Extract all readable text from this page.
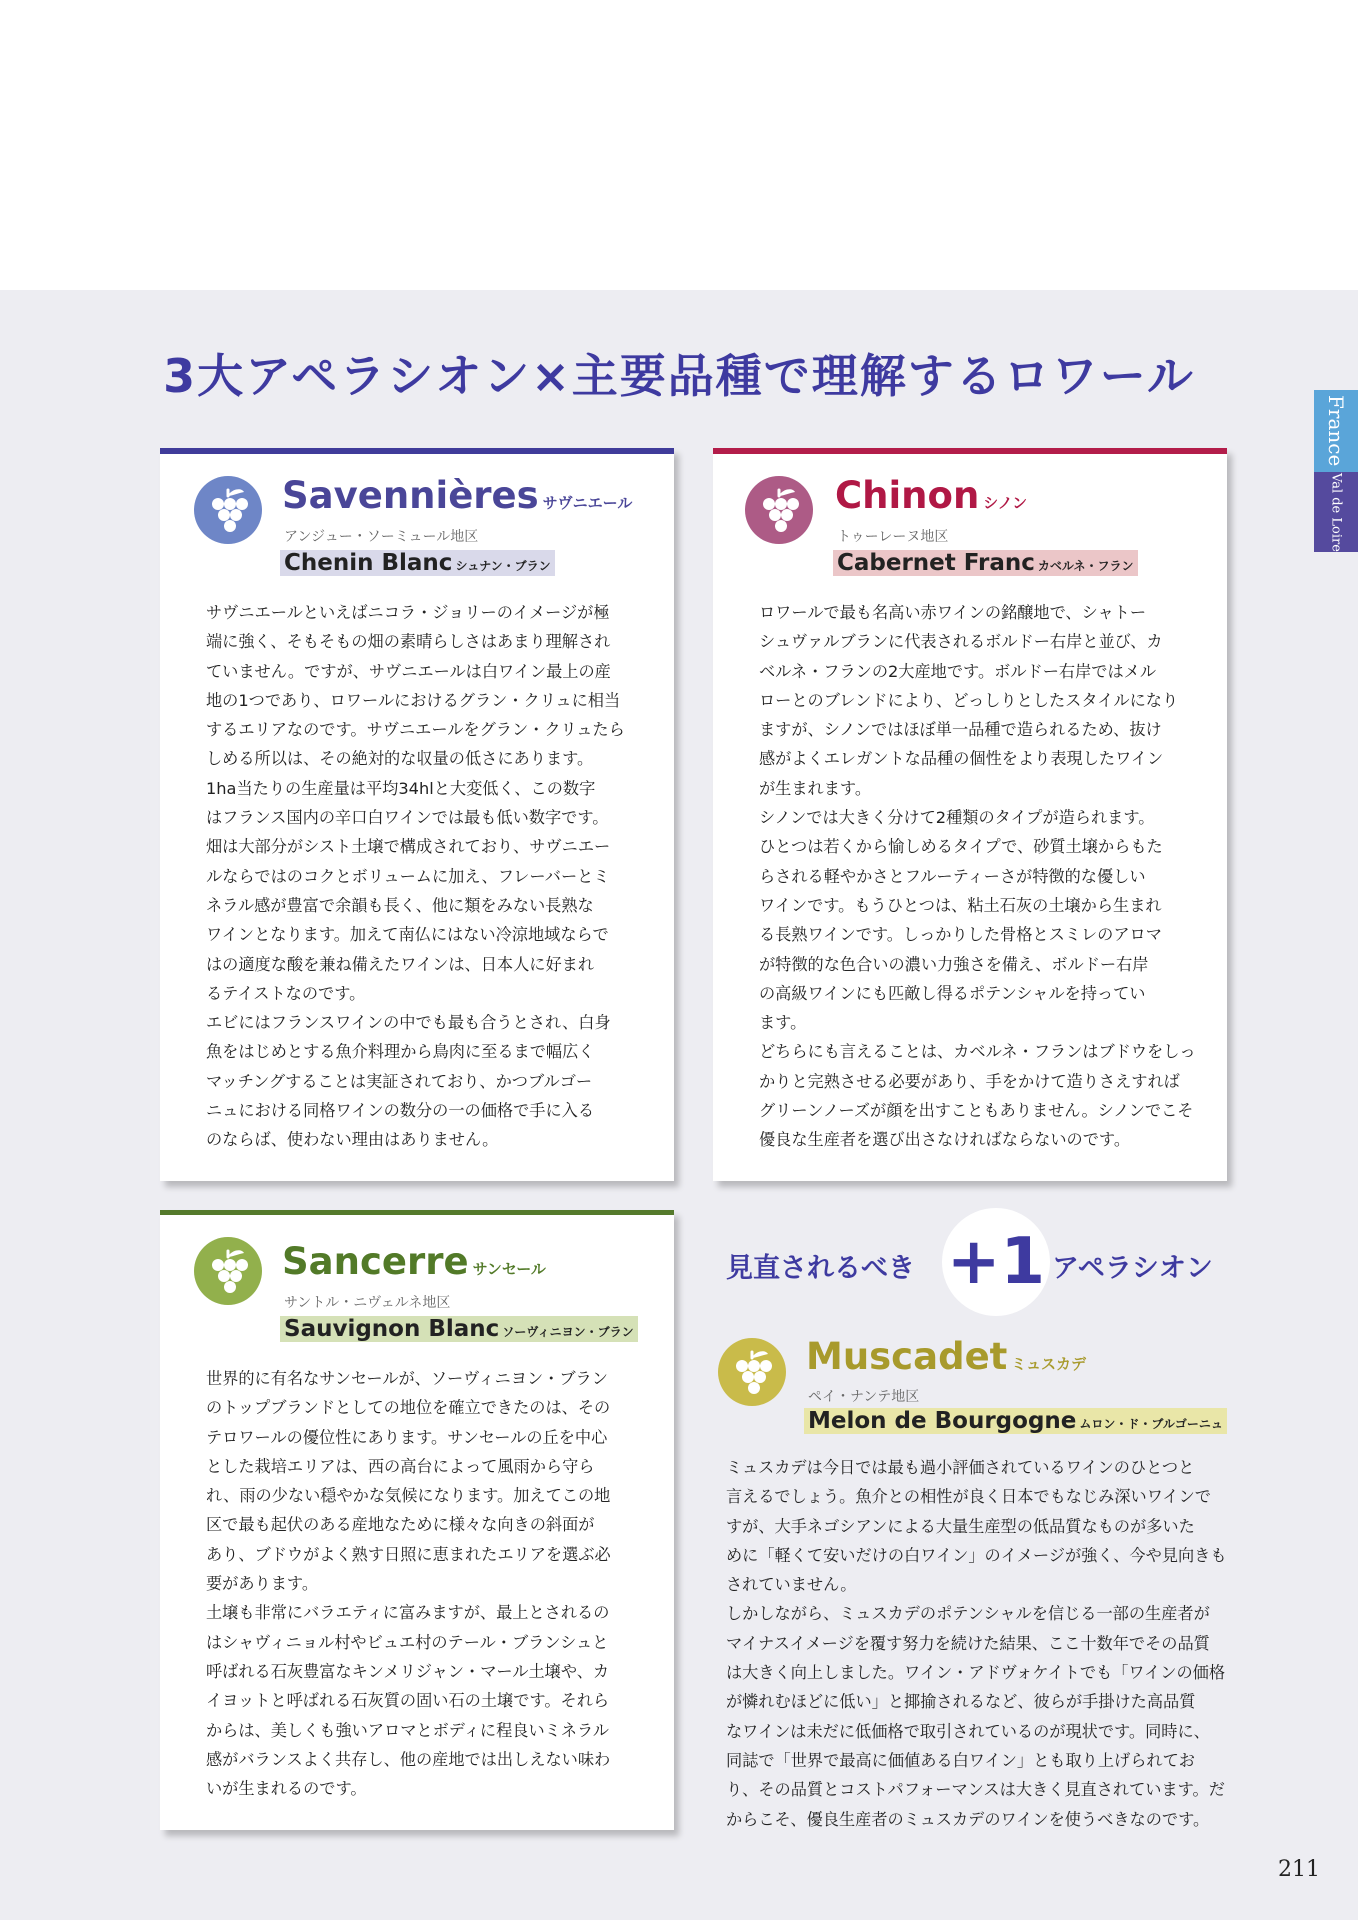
3大アペラシオン×主要品種で理解するロワール
France
Val de Loire
Savennières サヴニエール
アンジュー・ソーミュール地区
Chenin Blanc シュナン・ブラン

サヴニエールといえばニコラ・ジョリーのイメージが極
端に強く、そもそもの畑の素晴らしさはあまり理解され
ていません。ですが、サヴニエールは白ワイン最上の産
地の1つであり、ロワールにおけるグラン・クリュに相当
するエリアなのです。サヴニエールをグラン・クリュたら
しめる所以は、その絶対的な収量の低さにあります。
1ha当たりの生産量は平均34hlと大変低く、この数字
はフランス国内の辛口白ワインでは最も低い数字です。
畑は大部分がシスト土壌で構成されており、サヴニエー
ルならではのコクとボリュームに加え、フレーバーとミ
ネラル感が豊富で余韻も長く、他に類をみない長熟な
ワインとなります。加えて南仏にはない冷涼地域ならで
はの適度な酸を兼ね備えたワインは、日本人に好まれ
るテイストなのです。

エビにはフランスワインの中でも最も合うとされ、白身
魚をはじめとする魚介料理から鳥肉に至るまで幅広く
マッチングすることは実証されており、かつブルゴー
ニュにおける同格ワインの数分の一の価格で手に入る
のならば、使わない理由はありません。

Chinon シノン
トゥーレーヌ地区
Cabernet Franc カベルネ・フラン

ロワールで最も名高い赤ワインの銘醸地で、シャトー
シュヴァルブランに代表されるボルドー右岸と並び、カ
ベルネ・フランの2大産地です。ボルドー右岸ではメル
ローとのブレンドにより、どっしりとしたスタイルになり
ますが、シノンではほぼ単一品種で造られるため、抜け
感がよくエレガントな品種の個性をより表現したワイン
が生まれます。

シノンでは大きく分けて2種類のタイプが造られます。
ひとつは若くから愉しめるタイプで、砂質土壌からもた
らされる軽やかさとフルーティーさが特徴的な優しい
ワインです。もうひとつは、粘土石灰の土壌から生まれ
る長熟ワインです。しっかりした骨格とスミレのアロマ
が特徴的な色合いの濃い力強さを備え、ボルドー右岸
の高級ワインにも匹敵し得るポテンシャルを持ってい
ます。

どちらにも言えることは、カベルネ・フランはブドウをしっ
かりと完熟させる必要があり、手をかけて造りさえすれば
グリーンノーズが顔を出すこともありません。シノンでこそ
優良な生産者を選び出さなければならないのです。

Sancerre サンセール
サントル・ニヴェルネ地区
Sauvignon Blanc ソーヴィニヨン・ブラン

世界的に有名なサンセールが、ソーヴィニヨン・ブラン
のトップブランドとしての地位を確立できたのは、その
テロワールの優位性にあります。サンセールの丘を中心
とした栽培エリアは、西の高台によって風雨から守ら
れ、雨の少ない穏やかな気候になります。加えてこの地
区で最も起伏のある産地なために様々な向きの斜面が
あり、ブドウがよく熟す日照に恵まれたエリアを選ぶ必
要があります。

土壌も非常にバラエティに富みますが、最上とされるの
はシャヴィニョル村やビュエ村のテール・ブランシュと
呼ばれる石灰豊富なキンメリジャン・マール土壌や、カ
イヨットと呼ばれる石灰質の固い石の土壌です。それら
からは、美しくも強いアロマとボディに程良いミネラル
感がバランスよく共存し、他の産地では出しえない味わ
いが生まれるのです。

見直されるべき +1 アペラシオン
Muscadet ミュスカデ
ペイ・ナンテ地区
Melon de Bourgogne ムロン・ド・ブルゴーニュ

ミュスカデは今日では最も過小評価されているワインのひとつと
言えるでしょう。魚介との相性が良く日本でもなじみ深いワインで
すが、大手ネゴシアンによる大量生産型の低品質なものが多いた
めに「軽くて安いだけの白ワイン」のイメージが強く、今や見向きも
されていません。

しかしながら、ミュスカデのポテンシャルを信じる一部の生産者が
マイナスイメージを覆す努力を続けた結果、ここ十数年でその品質
は大きく向上しました。ワイン・アドヴォケイトでも「ワインの価格
が憐れむほどに低い」と揶揄されるなど、彼らが手掛けた高品質
なワインは未だに低価格で取引されているのが現状です。同時に、
同誌で「世界で最高に価値ある白ワイン」とも取り上げられてお
り、その品質とコストパフォーマンスは大きく見直されています。だ
からこそ、優良生産者のミュスカデのワインを使うべきなのです。

211
